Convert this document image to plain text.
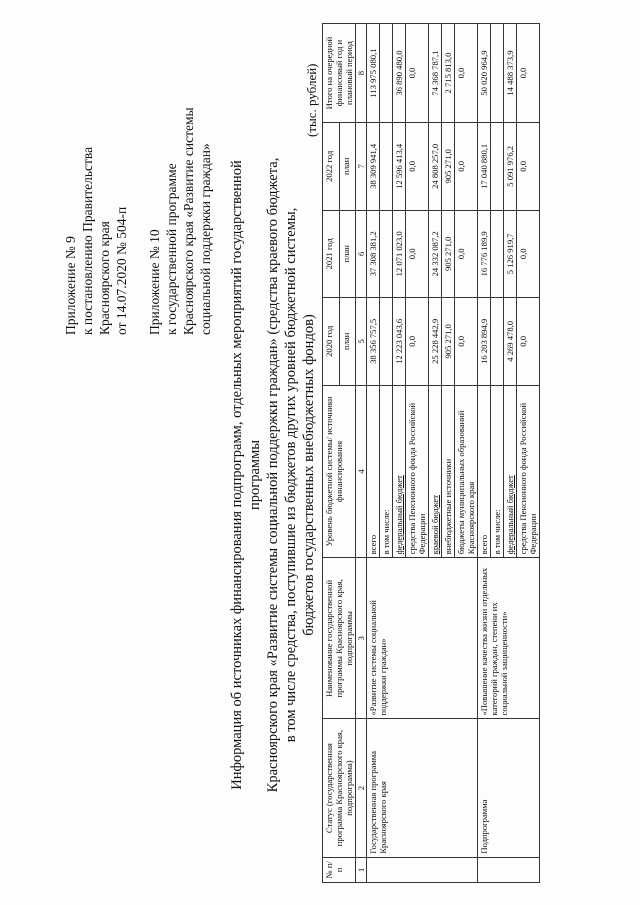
Приложение № 9 к постановлению Правительства Красноярского края от 14.07.2020 № 504-п Приложение № 10 к государственной программе Красноярского края «Развитие системы социальной поддержки граждан» Информация об источниках финансирования подпрограмм, отдельных мероприятий государственной программы Красноярского края «Развитие системы социальной поддержки граждан» (средства краевого бюджета, в том числе средства, поступившие из бюджетов других уровней бюджетной системы, бюджетов государственных внебюджетных фондов)
(тыс. рублей)
№ п/п	Статус (государственная программа Красноярского края, подпрограмма)	Наименование государственной программы Красноярского края, подпрограммы	Уровень бюджетной системы/ источники финансирования	2020 год	2021 год	2022 год	Итого на очередной финансовый год и плановый период
				план	план	план	
1	2	3	4	5	6	7	8
	Государственная программа Красноярского края	«Развитие системы социальной поддержки граждан»	всего	38 356 757,5	37 308 381,2	38 309 941,4	113 975 080,1
			в том числе:				
			федеральный бюджет	12 223 043,6	12 071 023,0	12 596 413,4	36 890 480,0
			средства Пенсионного фонда Российской Федерации	0,0	0,0	0,0	0,0
			краевой бюджет	25 228 442,9	24 332 087,2	24 808 257,0	74 368 787,1
			внебюджетные источники	905 271,0	905 271,0	905 271,0	2 715 813,0
			бюджеты муниципальных образований Красноярского края	0,0	0,0	0,0	0,0
	Подпрограмма	«Повышение качества жизни отдельных категорий граждан, степени их социальной защищенности»	всего	16 203 894,9	16 776 189,9	17 040 880,1	50 020 964,9
			в том числе:				
			федеральный бюджет	4 269 478,0	5 126 919,7	5 091 976,2	14 488 373,9
			средства Пенсионного фонда Российской Федерации	0,0	0,0	0,0	0,0
